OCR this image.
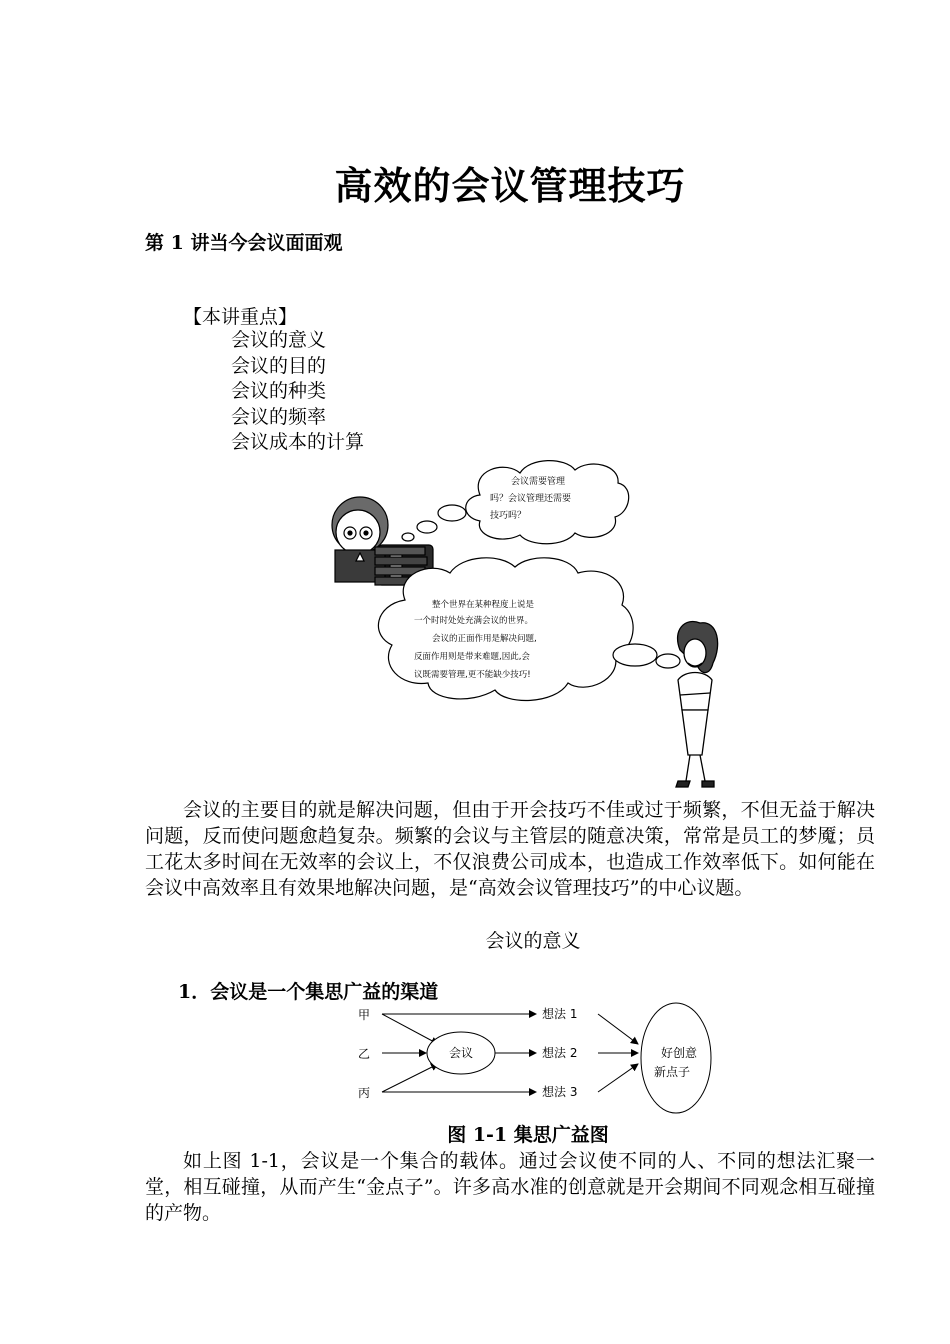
高效的会议管理技巧
第 1 讲当今会议面面观
【本讲重点】
会议的意义
会议的目的
会议的种类
会议的频率
会议成本的计算
会议需要管理
吗？会议管理还需要
技巧吗？
整个世界在某种程度上说是
一个时时处处充满会议的世界。
会议的正面作用是解决问题,
反面作用则是带来难题,因此,会
议既需要管理,更不能缺少技巧!

会议的主要目的就是解决问题，但由于开会技巧不佳或过于频繁，不但无益于解决问题，反而使问题愈趋复杂。频繁的会议与主管层的随意决策，常常是员工的梦魇；员工花太多时间在无效率的会议上，不仅浪费公司成本，也造成工作效率低下。如何能在会议中高效率且有效果地解决问题，是“高效会议管理技巧”的中心议题。

会议的意义
1．会议是一个集思广益的渠道
甲
乙
丙
会议
想法 1
想法 2
想法 3
好创意
新点子
图 1-1 集思广益图

如上图 1-1，会议是一个集合的载体。通过会议使不同的人、不同的想法汇聚一堂，相互碰撞，从而产生“金点子”。许多高水准的创意就是开会期间不同观念相互碰撞的产物。
